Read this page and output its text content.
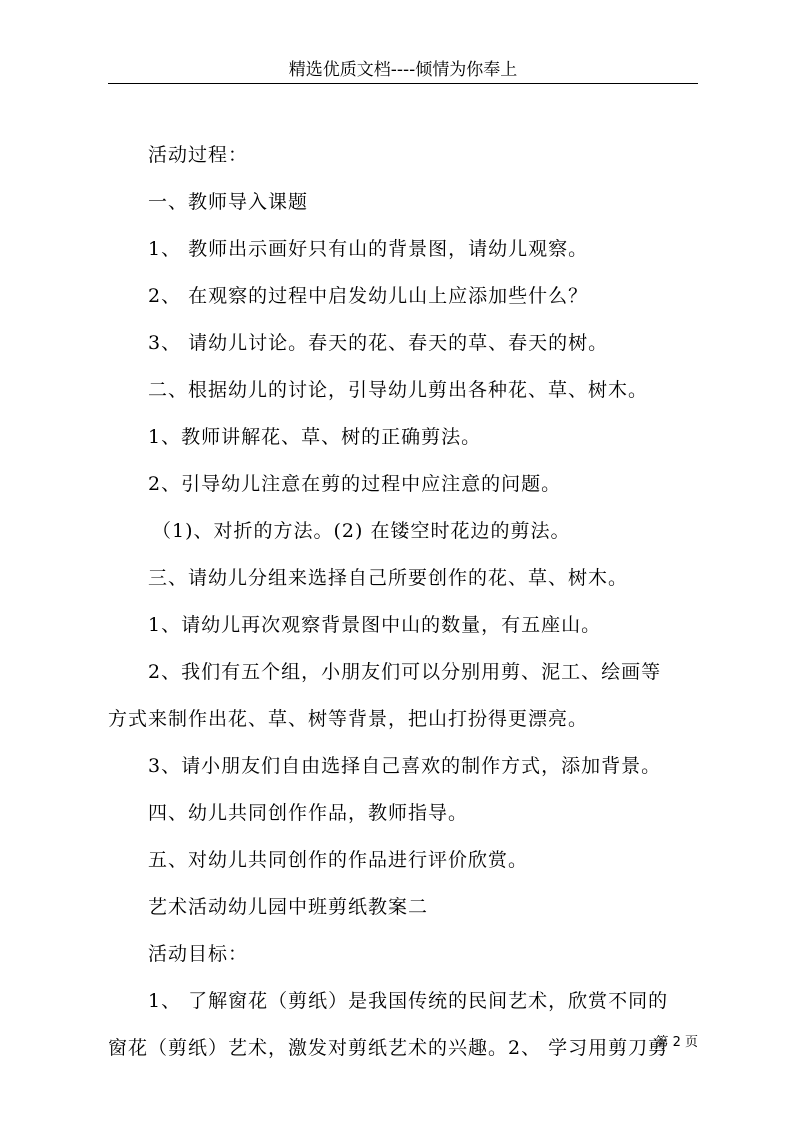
精选优质文档----倾情为你奉上
活动过程：
一、教师导入课题
1、 教师出示画好只有山的背景图，请幼儿观察。
2、 在观察的过程中启发幼儿山上应添加些什么？
3、 请幼儿讨论。春天的花、春天的草、春天的树。
二、根据幼儿的讨论，引导幼儿剪出各种花、草、树木。
1、教师讲解花、草、树的正确剪法。
2、引导幼儿注意在剪的过程中应注意的问题。
（1)、对折的方法。(2) 在镂空时花边的剪法。
三、请幼儿分组来选择自己所要创作的花、草、树木。
1、请幼儿再次观察背景图中山的数量，有五座山。
2、我们有五个组，小朋友们可以分别用剪、泥工、绘画等
方式来制作出花、草、树等背景，把山打扮得更漂亮。
3、请小朋友们自由选择自己喜欢的制作方式，添加背景。
四、幼儿共同创作作品，教师指导。
五、对幼儿共同创作的作品进行评价欣赏。
艺术活动幼儿园中班剪纸教案二
活动目标：
1、 了解窗花（剪纸）是我国传统的民间艺术，欣赏不同的
窗花（剪纸）艺术，激发对剪纸艺术的兴趣。2、 学习用剪刀剪
第 2 页
